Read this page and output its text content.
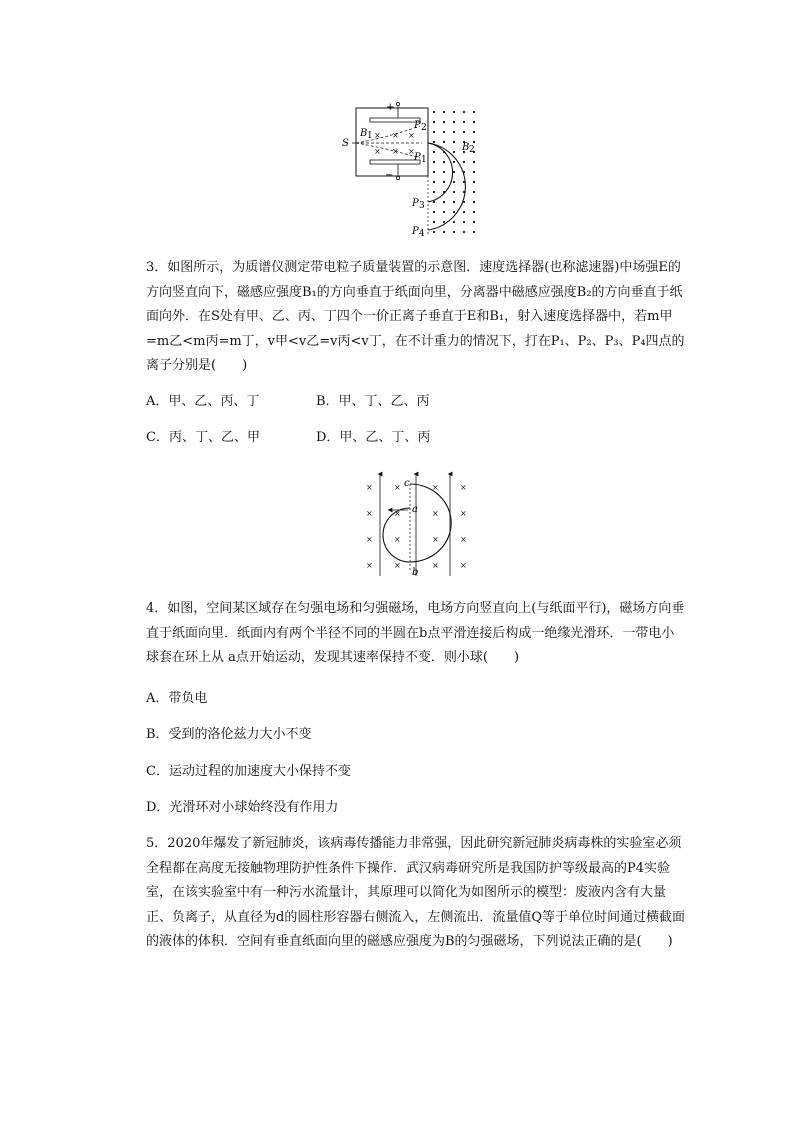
+
−
S
× × ×
× × ×
B 1
P 2
P 1
B 2
P 3
P 4
3．如图所示，为质谱仪测定带电粒子质量装置的示意图．速度选择器(也称滤速器)中场强E的方向竖直向下，磁感应强度B₁的方向垂直于纸面向里，分离器中磁感应强度B₂的方向垂直于纸面向外．在S处有甲、乙、丙、丁四个一价正离子垂直于E和B₁，射入速度选择器中，若m甲=m乙<m丙=m丁，v甲<v乙=v丙<v丁，在不计重力的情况下，打在P₁、P₂、P₃、P₄四点的离子分别是(　　)
A．甲、乙、丙、丁	B．甲、丁、乙、丙
C．丙、丁、乙、甲	D．甲、乙、丁、丙
×
×
×
×
×
×
×
×
×
×
×
×
×
×
×
×
c
a
b
4．如图，空间某区域存在匀强电场和匀强磁场，电场方向竖直向上(与纸面平行)，磁场方向垂直于纸面向里．纸面内有两个半径不同的半圆在b点平滑连接后构成一绝缘光滑环．一带电小球套在环上从 a点开始运动，发现其速率保持不变．则小球(　　)
A．带负电
B．受到的洛伦兹力大小不变
C．运动过程的加速度大小保持不变
D．光滑环对小球始终没有作用力
5．2020年爆发了新冠肺炎，该病毒传播能力非常强，因此研究新冠肺炎病毒株的实验室必须全程都在高度无接触物理防护性条件下操作．武汉病毒研究所是我国防护等级最高的P4实验室，在该实验室中有一种污水流量计，其原理可以简化为如图所示的模型：废液内含有大量正、负离子，从直径为d的圆柱形容器右侧流入，左侧流出．流量值Q等于单位时间通过横截面的液体的体积．空间有垂直纸面向里的磁感应强度为B的匀强磁场，下列说法正确的是(　　)
